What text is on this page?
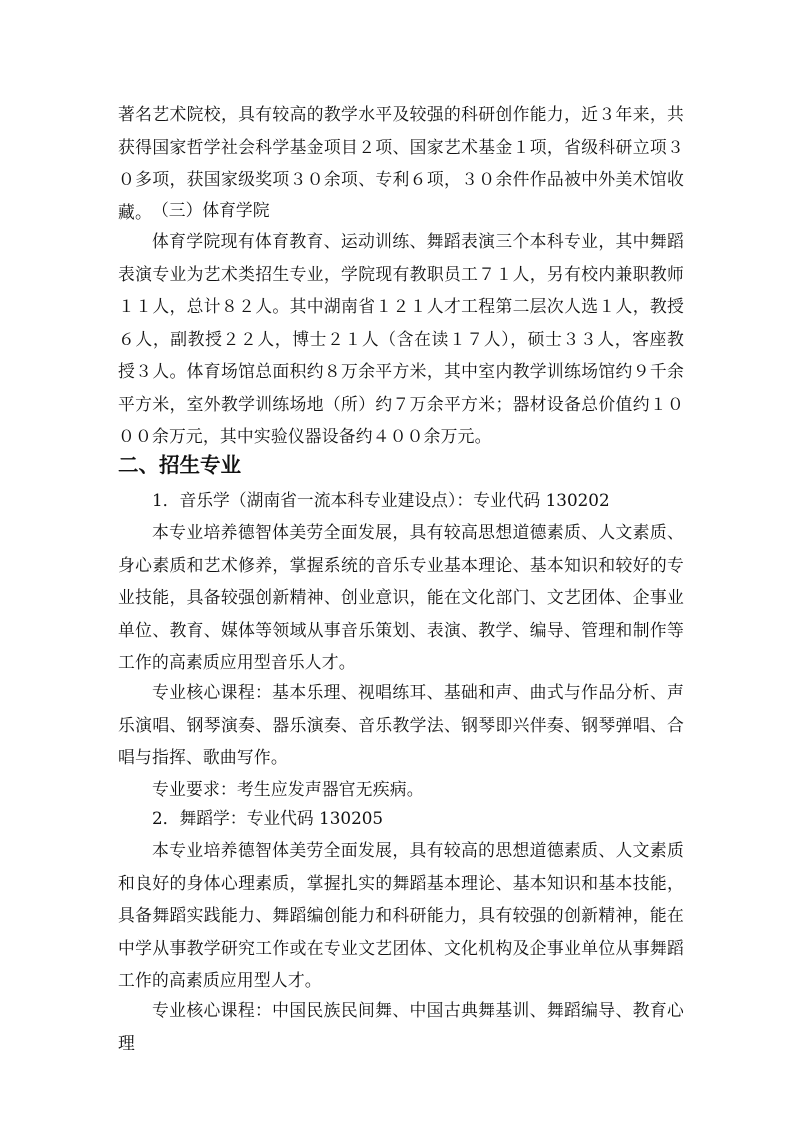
著名艺术院校，具有较高的教学水平及较强的科研创作能力，近３年来，共获得国家哲学社会科学基金项目２项、国家艺术基金１项，省级科研立项３０多项，获国家级奖项３０余项、专利６项，３０余件作品被中外美术馆收藏。 （三）体育学院

体育学院现有体育教育、运动训练、舞蹈表演三个本科专业，其中舞蹈表演专业为艺术类招生专业，学院现有教职员工７１人，另有校内兼职教师１１人，总计８２人。其中湖南省１２１人才工程第二层次人选１人，教授６人，副教授２２人，博士２１人（含在读１７人），硕士３３人，客座教授３人。体育场馆总面积约８万余平方米，其中室内教学训练场馆约９千余平方米，室外教学训练场地（所）约７万余平方米；器材设备总价值约１０００余万元，其中实验仪器设备约４００余万元。

二、招生专业

1．音乐学（湖南省一流本科专业建设点）：专业代码 130202

本专业培养德智体美劳全面发展，具有较高思想道德素质、人文素质、身心素质和艺术修养，掌握系统的音乐专业基本理论、基本知识和较好的专业技能，具备较强创新精神、创业意识，能在文化部门、文艺团体、企事业单位、教育、媒体等领域从事音乐策划、表演、教学、编导、管理和制作等工作的高素质应用型音乐人才。

专业核心课程：基本乐理、视唱练耳、基础和声、曲式与作品分析、声乐演唱、钢琴演奏、器乐演奏、音乐教学法、钢琴即兴伴奏、钢琴弹唱、合唱与指挥、歌曲写作。

专业要求：考生应发声器官无疾病。

2．舞蹈学：专业代码 130205

本专业培养德智体美劳全面发展，具有较高的思想道德素质、人文素质和良好的身体心理素质，掌握扎实的舞蹈基本理论、基本知识和基本技能，具备舞蹈实践能力、舞蹈编创能力和科研能力，具有较强的创新精神，能在中学从事教学研究工作或在专业文艺团体、文化机构及企事业单位从事舞蹈工作的高素质应用型人才。

专业核心课程：中国民族民间舞、中国古典舞基训、舞蹈编导、教育心理
